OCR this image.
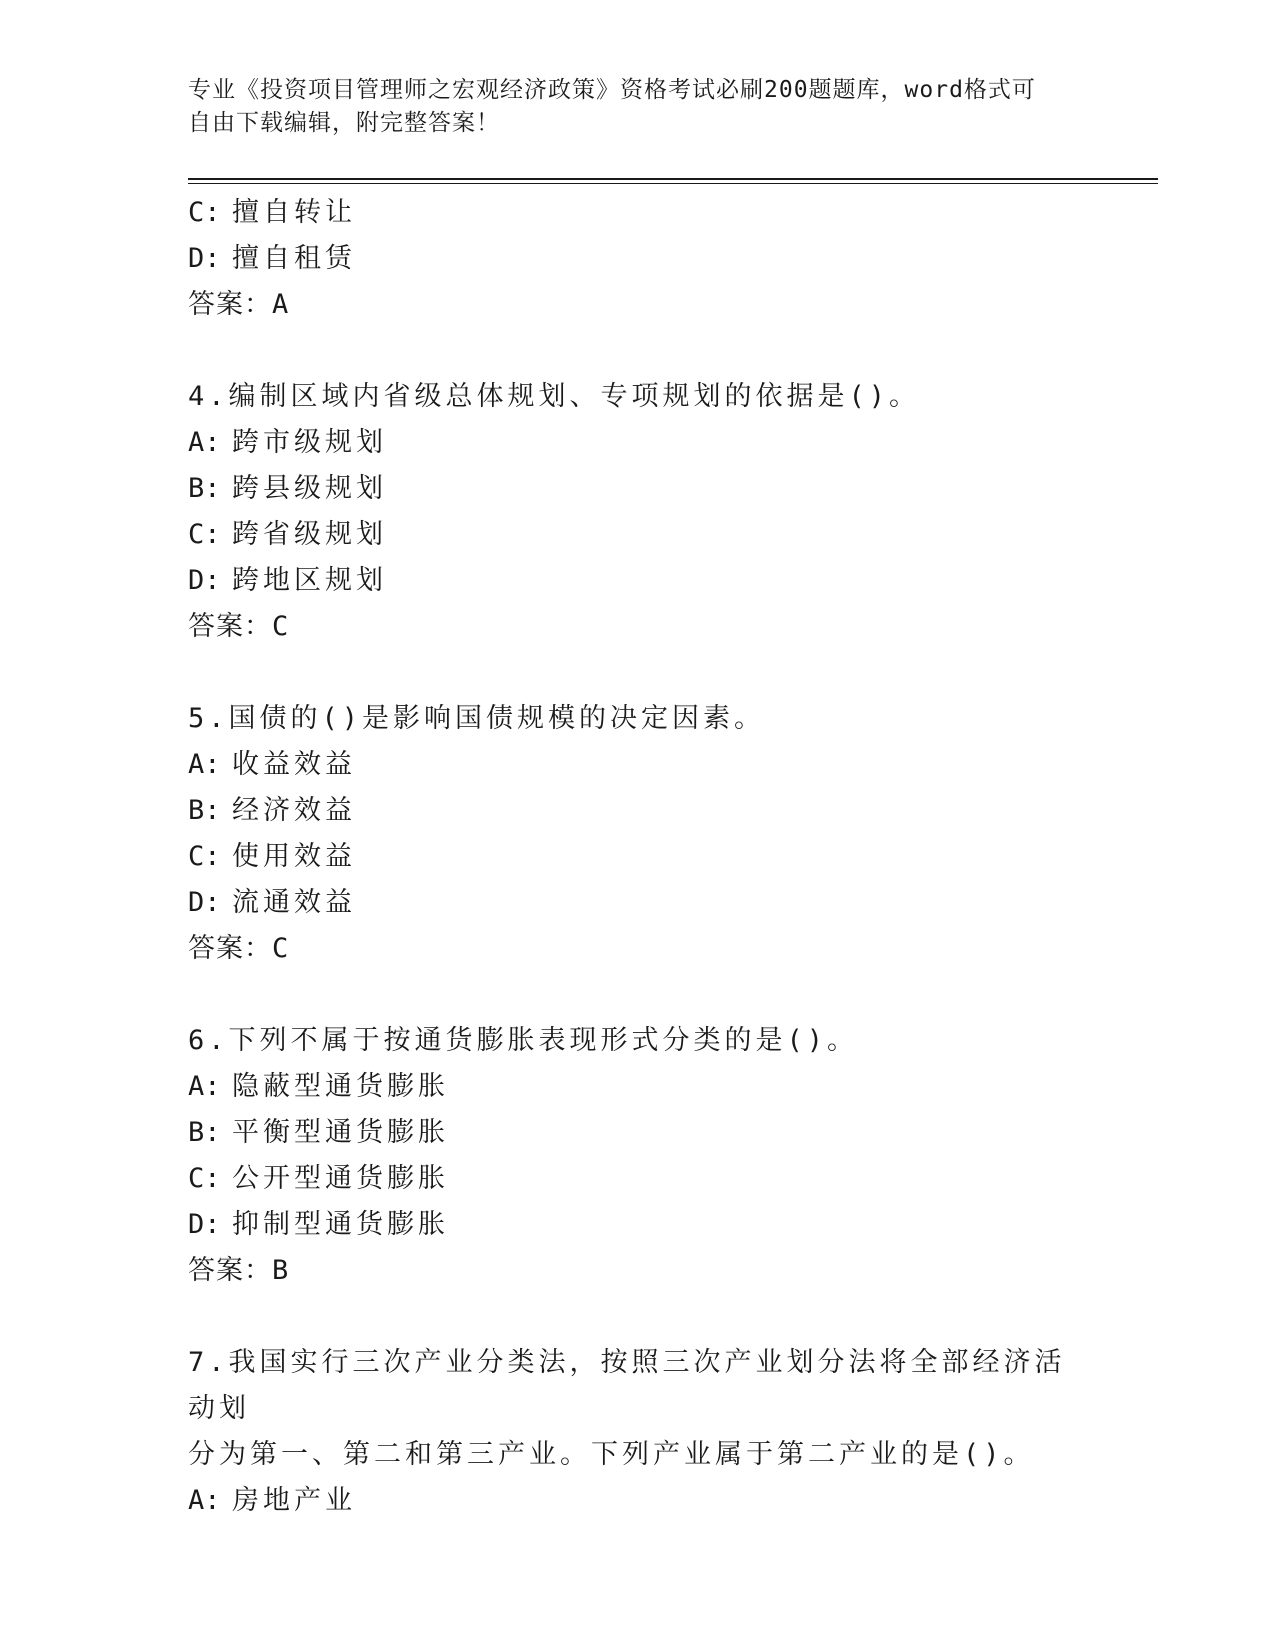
专业《投资项目管理师之宏观经济政策》资格考试必刷200题题库，word格式可
自由下载编辑，附完整答案！
C: 擅自转让
D: 擅自租赁
答案：A
4.编制区域内省级总体规划、专项规划的依据是()。
A: 跨市级规划
B: 跨县级规划
C: 跨省级规划
D: 跨地区规划
答案：C
5.国债的()是影响国债规模的决定因素。
A: 收益效益
B: 经济效益
C: 使用效益
D: 流通效益
答案：C
6.下列不属于按通货膨胀表现形式分类的是()。
A: 隐蔽型通货膨胀
B: 平衡型通货膨胀
C: 公开型通货膨胀
D: 抑制型通货膨胀
答案：B
7.我国实行三次产业分类法，按照三次产业划分法将全部经济活动划
分为第一、第二和第三产业。下列产业属于第二产业的是()。
A: 房地产业
